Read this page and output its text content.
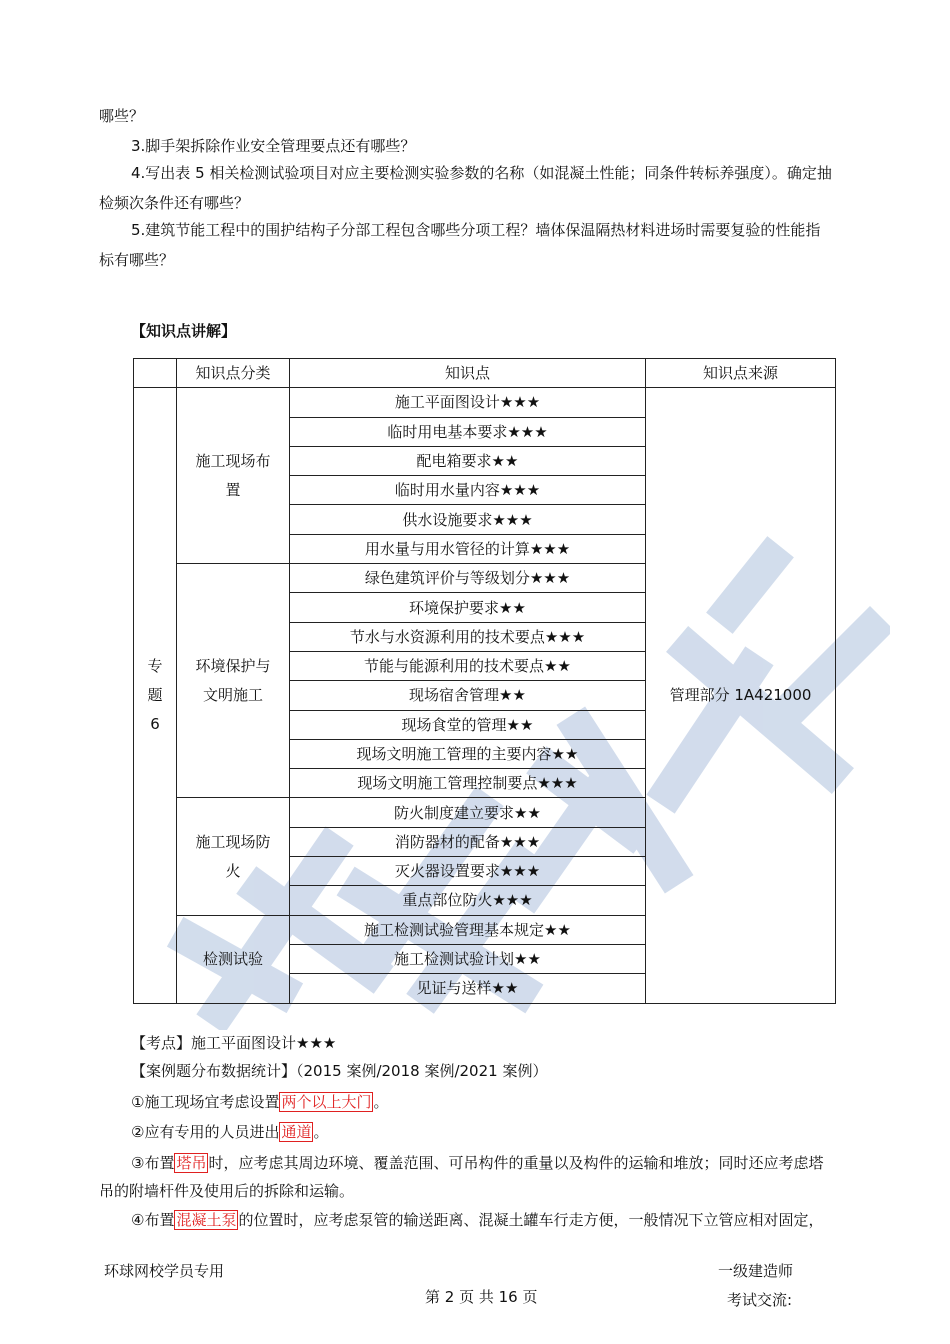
哪些？
3.脚手架拆除作业安全管理要点还有哪些？
4.写出表 5 相关检测试验项目对应主要检测实验参数的名称（如混凝土性能；同条件转标养强度）。确定抽
检频次条件还有哪些？
5.建筑节能工程中的围护结构子分部工程包含哪些分项工程？墙体保温隔热材料进场时需要复验的性能指
标有哪些？
【知识点讲解】
	知识点分类	知识点	知识点来源
专
题
6	施工现场布
置	施工平面图设计★★★	管理部分 1A421000
		临时用电基本要求★★★	
		配电箱要求★★	
		临时用水量内容★★★	
		供水设施要求★★★	
		用水量与用水管径的计算★★★	
	环境保护与
文明施工	绿色建筑评价与等级划分★★★	
		环境保护要求★★	
		节水与水资源利用的技术要点★★★	
		节能与能源利用的技术要点★★	
		现场宿舍管理★★	
		现场食堂的管理★★	
		现场文明施工管理的主要内容★★	
		现场文明施工管理控制要点★★★	
	施工现场防
火	防火制度建立要求★★	
		消防器材的配备★★★	
		灭火器设置要求★★★	
		重点部位防火★★★	
	检测试验	施工检测试验管理基本规定★★	
		施工检测试验计划★★	
		见证与送样★★	
【考点】施工平面图设计★★★
【案例题分布数据统计】（2015 案例/2018 案例/2021 案例）
①施工现场宜考虑设置 两个以上大门 。
②应有专用的人员进出 通道 。
③布置 塔吊 时，应考虑其周边环境、覆盖范围、可吊构件的重量以及构件的运输和堆放；同时还应考虑塔
吊的附墙杆件及使用后的拆除和运输。
④布置 混凝土泵 的位置时，应考虑泵管的输送距离、混凝土罐车行走方便，一般情况下立管应相对固定，
环球网校学员专用	一级建造师
第 2 页 共 16 页	考试交流:
